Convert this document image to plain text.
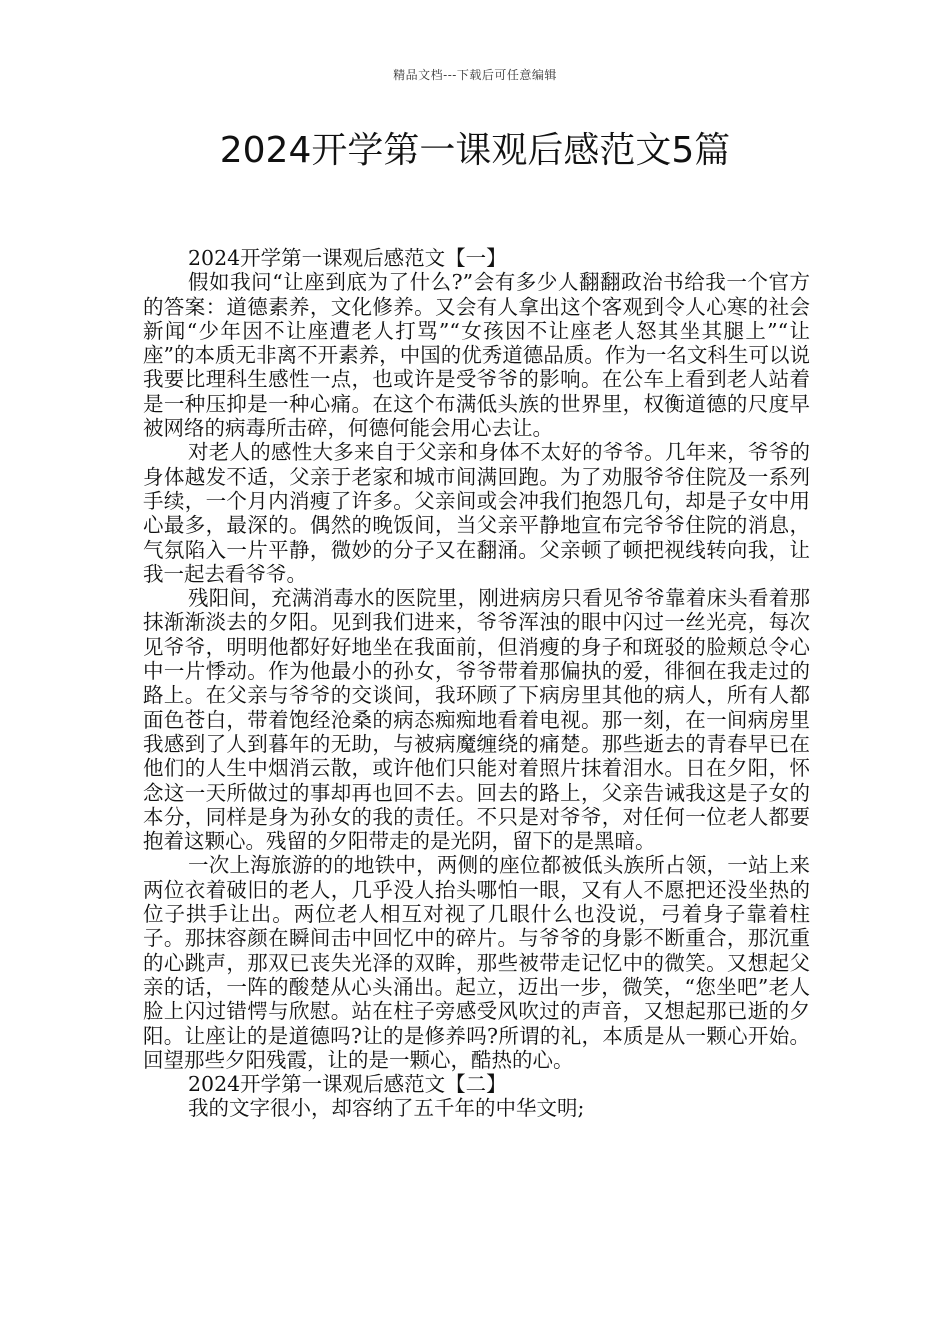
精品文档---下载后可任意编辑
2024开学第一课观后感范文5篇
2024开学第一课观后感范文【一】

假如我问“让座到底为了什么?”会有多少人翻翻政治书给我一个官方的答案：道德素养，文化修养。又会有人拿出这个客观到令人心寒的社会新闻“少年因不让座遭老人打骂”“女孩因不让座老人怒其坐其腿上”“让座”的本质无非离不开素养，中国的优秀道德品质。作为一名文科生可以说我要比理科生感性一点，也或许是受爷爷的影响。在公车上看到老人站着是一种压抑是一种心痛。在这个布满低头族的世界里，权衡道德的尺度早被网络的病毒所击碎，何德何能会用心去让。

对老人的感性大多来自于父亲和身体不太好的爷爷。几年来，爷爷的身体越发不适，父亲于老家和城市间满回跑。为了劝服爷爷住院及一系列手续，一个月内消瘦了许多。父亲间或会冲我们抱怨几句，却是子女中用心最多，最深的。偶然的晚饭间，当父亲平静地宣布完爷爷住院的消息，气氛陷入一片平静，微妙的分子又在翻涌。父亲顿了顿把视线转向我，让我一起去看爷爷。

残阳间，充满消毒水的医院里，刚进病房只看见爷爷靠着床头看着那抹渐渐淡去的夕阳。见到我们进来，爷爷浑浊的眼中闪过一丝光亮，每次见爷爷，明明他都好好地坐在我面前，但消瘦的身子和斑驳的脸颊总令心中一片悸动。作为他最小的孙女，爷爷带着那偏执的爱，徘徊在我走过的路上。在父亲与爷爷的交谈间，我环顾了下病房里其他的病人，所有人都面色苍白，带着饱经沧桑的病态痴痴地看着电视。那一刻，在一间病房里我感到了人到暮年的无助，与被病魔缠绕的痛楚。那些逝去的青春早已在他们的人生中烟消云散，或许他们只能对着照片抹着泪水。日在夕阳，怀念这一天所做过的事却再也回不去。回去的路上，父亲告诫我这是子女的本分，同样是身为孙女的我的责任。不只是对爷爷，对任何一位老人都要抱着这颗心。残留的夕阳带走的是光阴，留下的是黑暗。

一次上海旅游的的地铁中，两侧的座位都被低头族所占领，一站上来两位衣着破旧的老人，几乎没人抬头哪怕一眼，又有人不愿把还没坐热的位子拱手让出。两位老人相互对视了几眼什么也没说，弓着身子靠着柱子。那抹容颜在瞬间击中回忆中的碎片。与爷爷的身影不断重合，那沉重的心跳声，那双已丧失光泽的双眸，那些被带走记忆中的微笑。又想起父亲的话，一阵的酸楚从心头涌出。起立，迈出一步，微笑，“您坐吧”老人脸上闪过错愕与欣慰。站在柱子旁感受风吹过的声音，又想起那已逝的夕阳。让座让的是道德吗?让的是修养吗?所谓的礼，本质是从一颗心开始。回望那些夕阳残霞，让的是一颗心，酷热的心。

2024开学第一课观后感范文【二】

我的文字很小，却容纳了五千年的中华文明;
